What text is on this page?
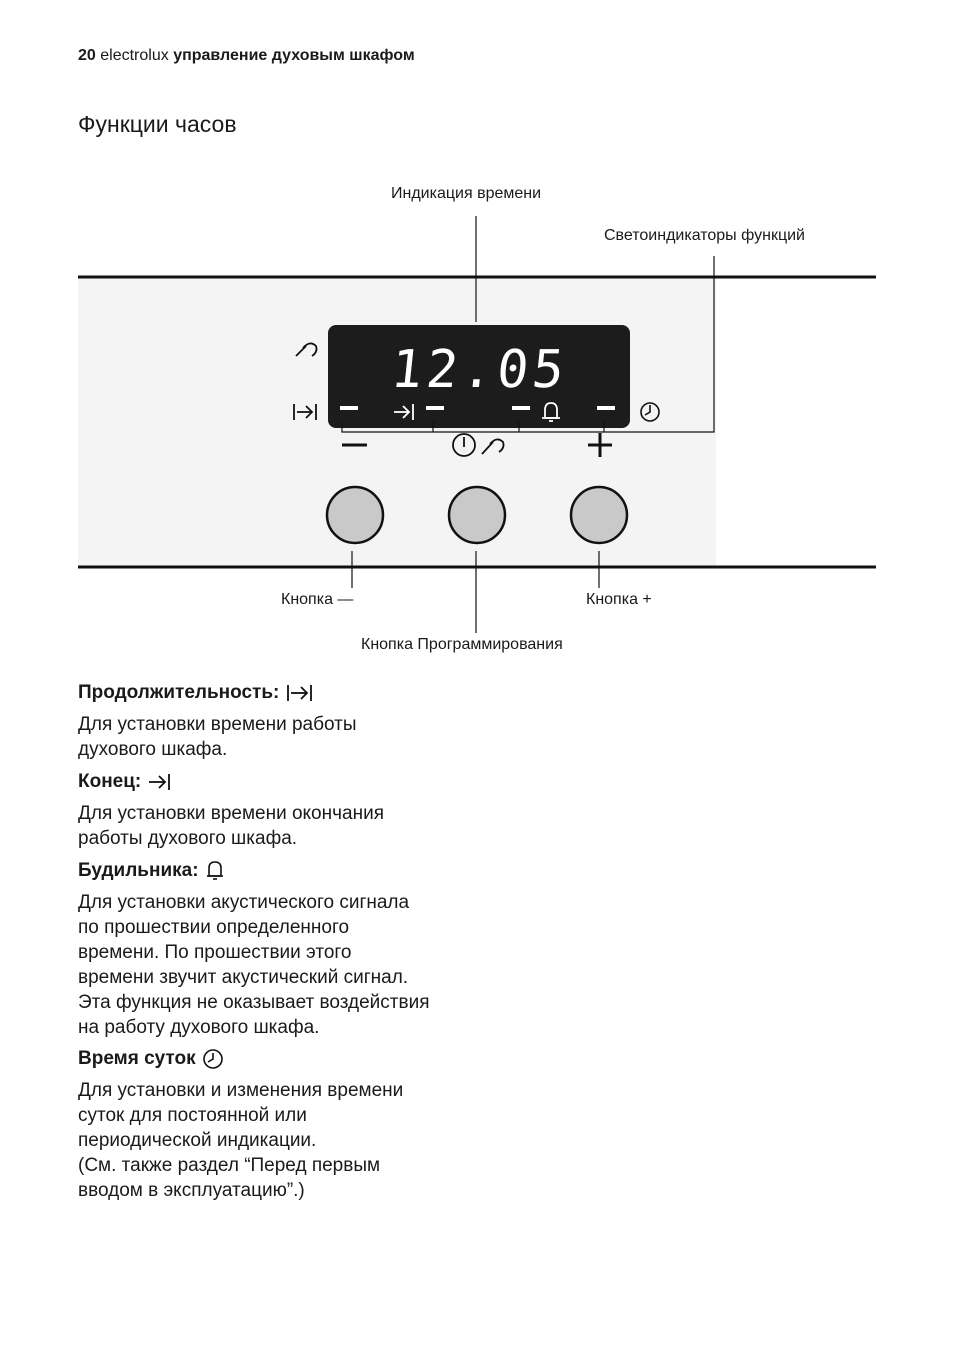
20 electrolux управление духовым шкафом
Функции часов
12.05
Индикация времени
Светоиндикаторы функций
Кнопка —	Кнопка +
Кнопка Программирования
Продолжительность:

Для установки времени работы
духового шкафа.

Конец:

Для установки времени окончания
работы духового шкафа.

Будильника:

Для установки акустического сигнала
по прошествии определенного
времени. По прошествии этого
времени звучит акустический сигнал.
Эта функция не оказывает воздействия
на работу духового шкафа.

Время суток

Для установки и изменения времени
суток для постоянной или
периодической индикации.
(См. также раздел “Перед первым
вводом в эксплуатацию”.)
